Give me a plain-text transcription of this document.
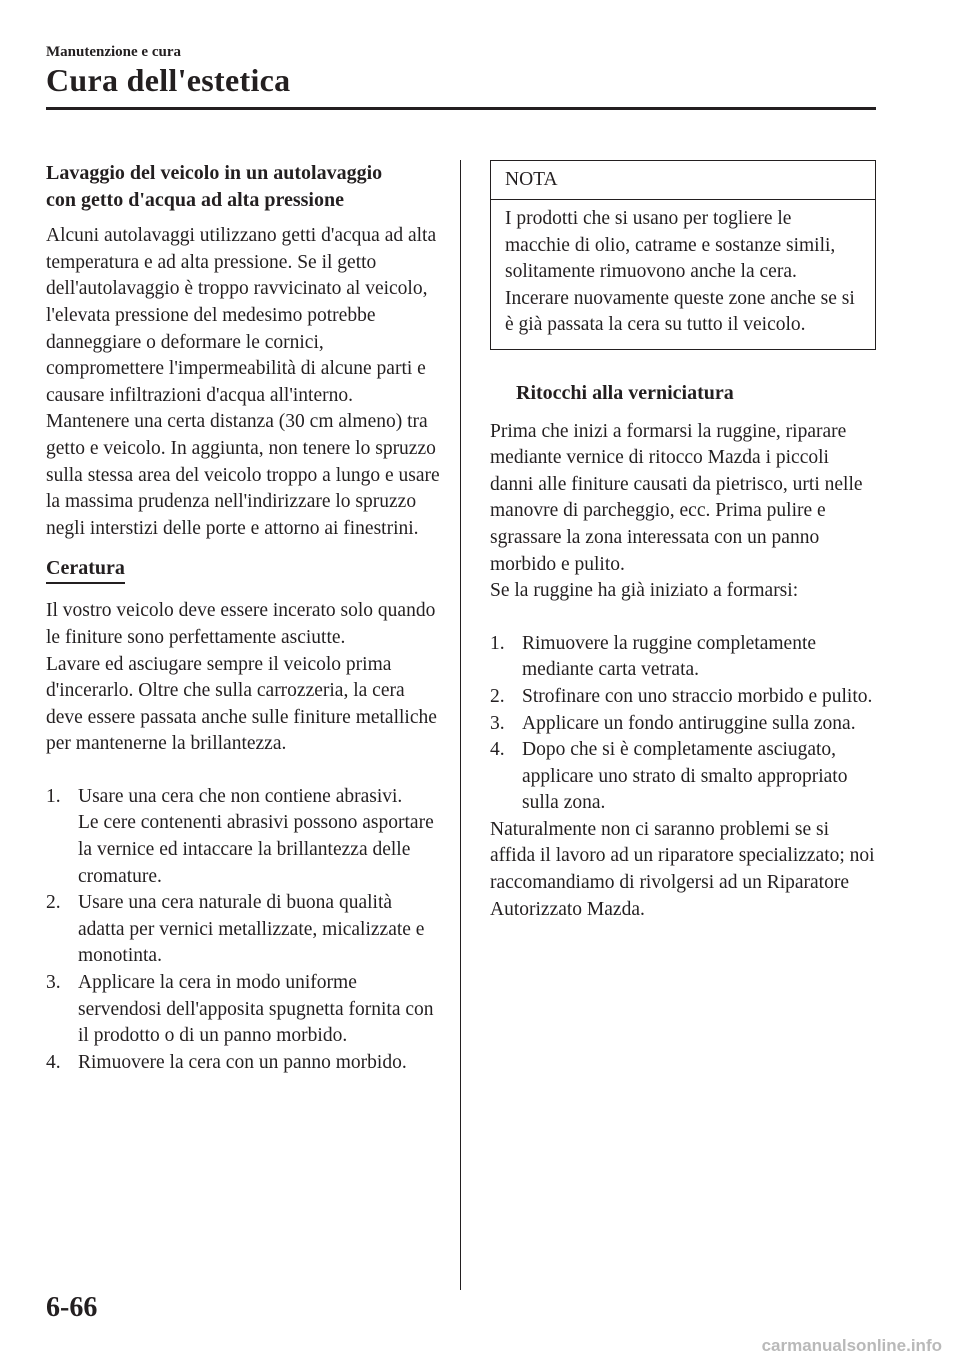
Manutenzione e cura
Cura dell'estetica
Lavaggio del veicolo in un autolavaggio
con getto d'acqua ad alta pressione

Alcuni autolavaggi utilizzano getti d'acqua ad alta temperatura e ad alta pressione. Se il getto dell'autolavaggio è troppo ravvicinato al veicolo, l'elevata pressione del medesimo potrebbe danneggiare o deformare le cornici, compromettere l'impermeabilità di alcune parti e causare infiltrazioni d'acqua all'interno. Mantenere una certa distanza (30 cm almeno) tra getto e veicolo. In aggiunta, non tenere lo spruzzo sulla stessa area del veicolo troppo a lungo e usare la massima prudenza nell'indirizzare lo spruzzo negli interstizi delle porte e attorno ai finestrini.

Ceratura

Il vostro veicolo deve essere incerato solo quando le finiture sono perfettamente asciutte.

Lavare ed asciugare sempre il veicolo prima d'incerarlo. Oltre che sulla carrozzeria, la cera deve essere passata anche sulle finiture metalliche per mantenerne la brillantezza.

1. Usare una cera che non contiene abrasivi.
Le cere contenenti abrasivi possono asportare la vernice ed intaccare la brillantezza delle cromature.
2. Usare una cera naturale di buona qualità adatta per vernici metallizzate, micalizzate e monotinta.
3. Applicare la cera in modo uniforme servendosi dell'apposita spugnetta fornita con il prodotto o di un panno morbido.
4. Rimuovere la cera con un panno morbido.
NOTA
I prodotti che si usano per togliere le macchie di olio, catrame e sostanze simili, solitamente rimuovono anche la cera. Incerare nuovamente queste zone anche se si è già passata la cera su tutto il veicolo.
Ritocchi alla verniciatura

Prima che inizi a formarsi la ruggine, riparare mediante vernice di ritocco Mazda i piccoli danni alle finiture causati da pietrisco, urti nelle manovre di parcheggio, ecc. Prima pulire e sgrassare la zona interessata con un panno morbido e pulito.

Se la ruggine ha già iniziato a formarsi:

1. Rimuovere la ruggine completamente mediante carta vetrata.
2. Strofinare con uno straccio morbido e pulito.
3. Applicare un fondo antiruggine sulla zona.
4. Dopo che si è completamente asciugato, applicare uno strato di smalto appropriato sulla zona.

Naturalmente non ci saranno problemi se si affida il lavoro ad un riparatore specializzato; noi raccomandiamo di rivolgersi ad un Riparatore Autorizzato Mazda.

6-66
carmanualsonline.info
